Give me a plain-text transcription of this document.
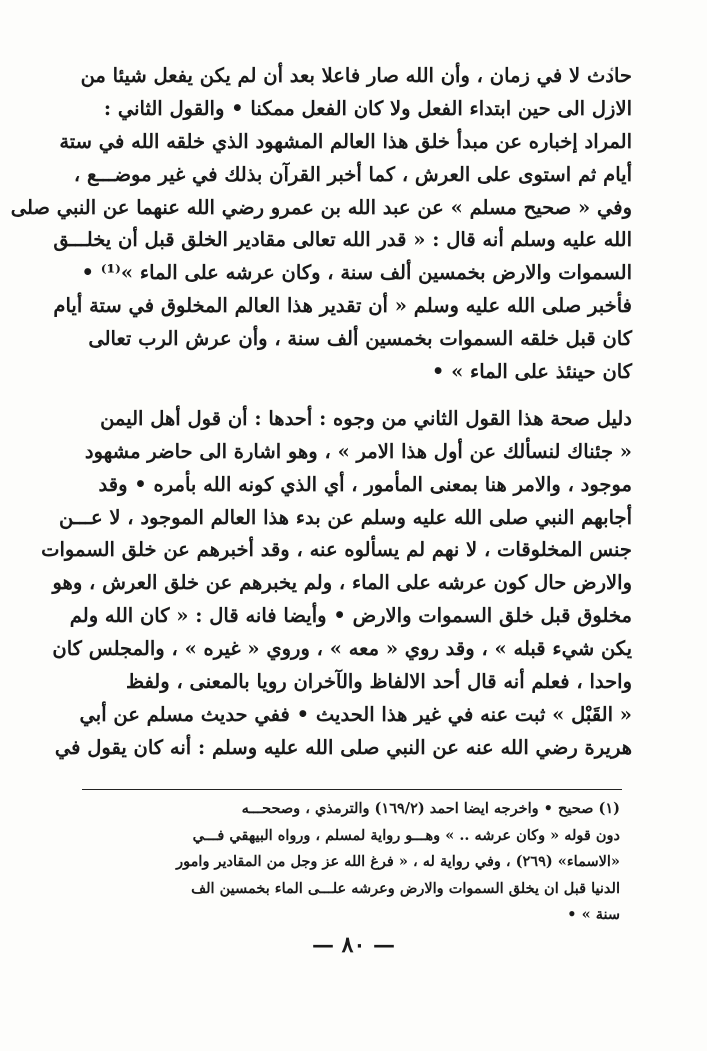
حادث لا في زمان ، وأن الله صار فاعلا بعد أن لم يكن يفعل شيئا من
الازل الى حين ابتداء الفعل ولا كان الفعل ممكنا • والقول الثاني :
المراد إخباره عن مبدأ خلق هذا العالم المشهود الذي خلقه الله في ستة
أيام ثم استوى على العرش ، كما أخبر القرآن بذلك في غير موضـــع ،
وفي « صحيح مسلم » عن عبد الله بن عمرو رضي الله عنهما عن النبي صلى
الله عليه وسلم أنه قال : « قدر الله تعالى مقادير الخلق قبل أن يخلـــق
السموات والارض بخمسين ألف سنة ، وكان عرشه على الماء »⁽¹⁾ •
فأخبر صلى الله عليه وسلم « أن تقدير هذا العالم المخلوق في ستة أيام
كان قبل خلقه السموات بخمسين ألف سنة ، وأن عرش الرب تعالى
كان حينئذ على الماء » •
دليل صحة هذا القول الثاني من وجوه : أحدها : أن قول أهل اليمن
« جئناك لنسألك عن أول هذا الامر » ، وهو اشارة الى حاضر مشهود
موجود ، والامر هنا بمعنى المأمور ، أي الذي كونه الله بأمره • وقد
أجابهم النبي صلى الله عليه وسلم عن بدء هذا العالم الموجود ، لا عـــن
جنس المخلوقات ، لا نهم لم يسألوه عنه ، وقد أخبرهم عن خلق السموات
والارض حال كون عرشه على الماء ، ولم يخبرهم عن خلق العرش ، وهو
مخلوق قبل خلق السموات والارض • وأيضا فانه قال : « كان الله ولم
يكن شيء قبله » ، وقد روي « معه » ، وروي « غيره » ، والمجلس كان
واحدا ، فعلم أنه قال أحد الالفاظ والآخران رويا بالمعنى ، ولفظ
« القَبْل » ثبت عنه في غير هذا الحديث • ففي حديث مسلم عن أبي
هريرة رضي الله عنه عن النبي صلى الله عليه وسلم : أنه كان يقول في
(١) صحيح • واخرجه ايضا احمد (١٦٩/٢) والترمذي ، وصححـــه
دون قوله « وكان عرشه .. » وهـــو رواية لمسلم ، ورواه البيهقي فـــي
«الاسماء» (٢٦٩) ، وفي رواية له ، « فرغ الله عز وجل من المقادير وامور
الدنيا قبل ان يخلق السموات والارض وعرشه علـــى الماء بخمسين الف
سنة » •
— ٨٠ —
